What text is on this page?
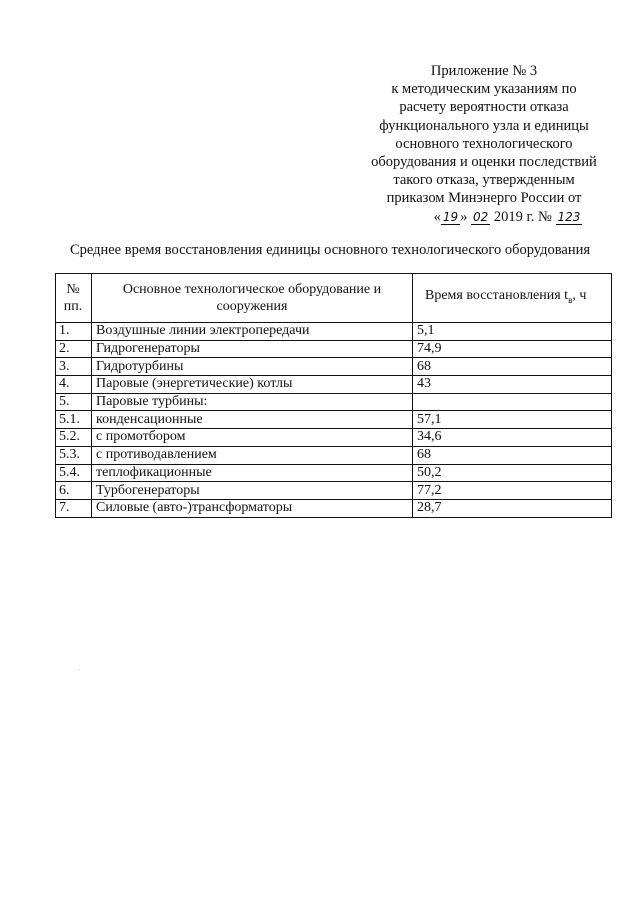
Приложение № 3
к методическим указаниям по
расчету вероятности отказа
функционального узла и единицы
основного технологического
оборудования и оценки последствий
такого отказа, утвержденным
приказом Минэнерго России от
« 19 » 02 2019 г. № 123
Среднее время восстановления единицы основного технологического оборудования
№ пп.	Основное технологическое оборудование и сооружения	Время восстановления $t_в$, ч
1.	Воздушные линии электропередачи	5,1
2.	Гидрогенераторы	74,9
3.	Гидротурбины	68
4.	Паровые (энергетические) котлы	43
5.	Паровые турбины:	
5.1.	конденсационные	57,1
5.2.	с промотбором	34,6
5.3.	с противодавлением	68
5.4.	теплофикационные	50,2
6.	Турбогенераторы	77,2
7.	Силовые (авто-)трансформаторы	28,7
·
